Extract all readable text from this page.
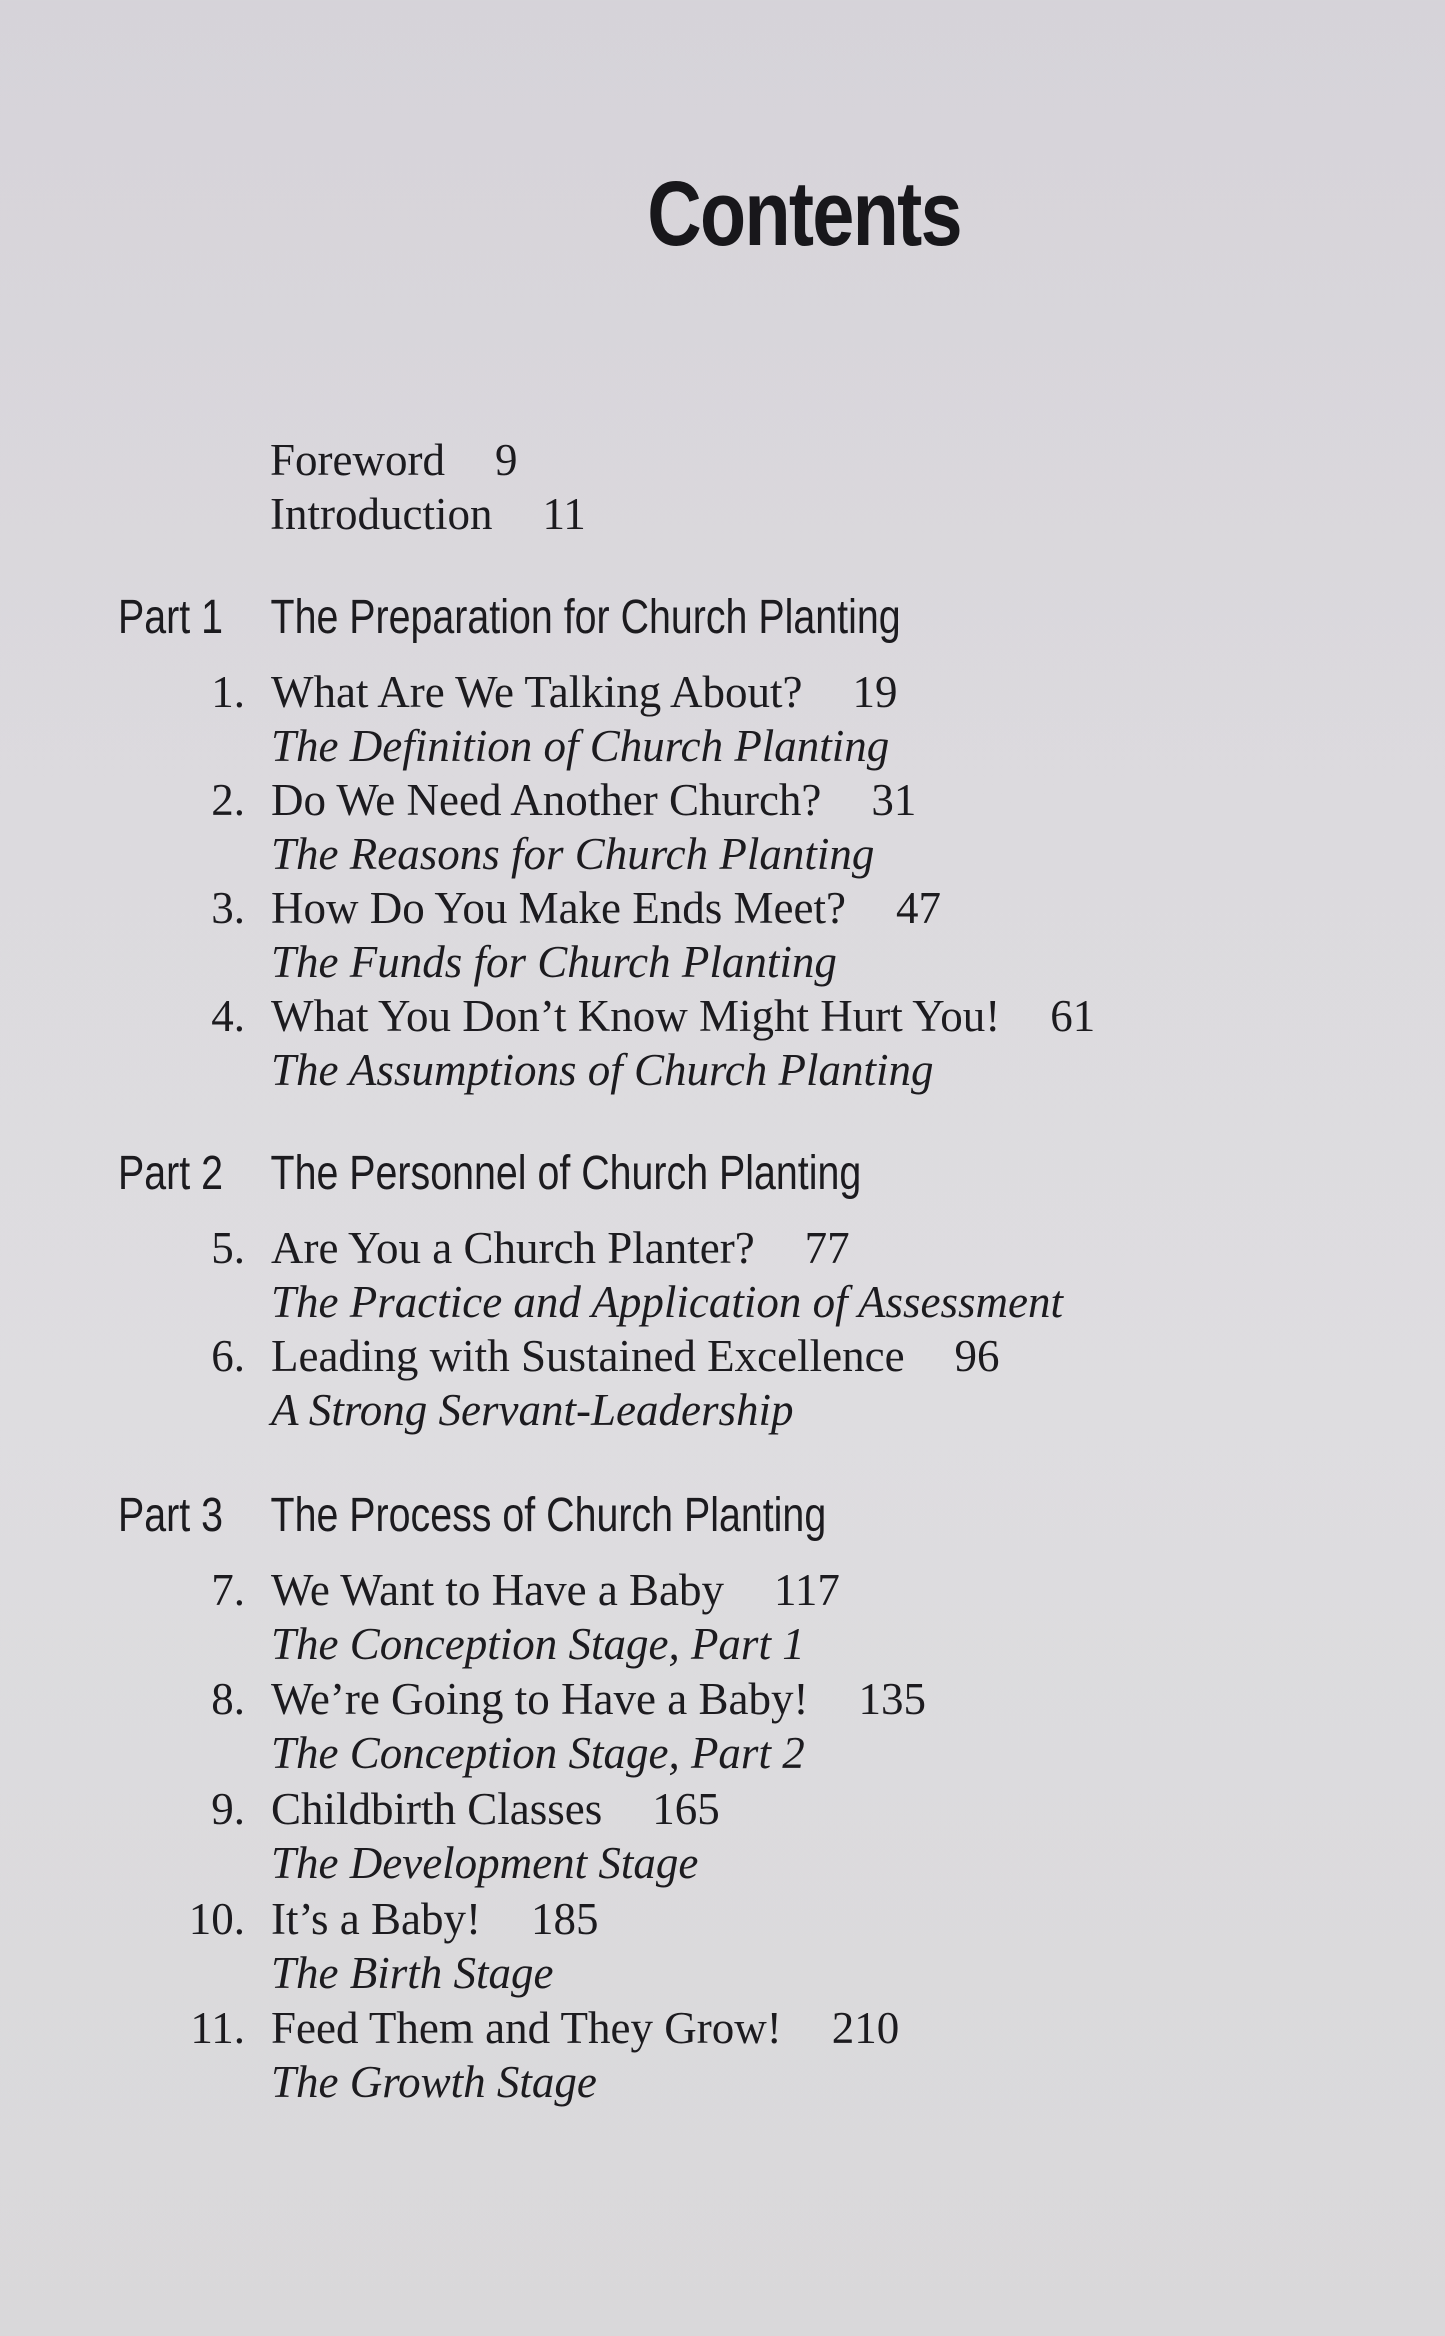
Contents
Foreword 9
Introduction 11
Part 1 The Preparation for Church Planting
1. What Are We Talking About? 19
The Definition of Church Planting
2. Do We Need Another Church? 31
The Reasons for Church Planting
3. How Do You Make Ends Meet? 47
The Funds for Church Planting
4. What You Don’t Know Might Hurt You! 61
The Assumptions of Church Planting
Part 2 The Personnel of Church Planting
5. Are You a Church Planter? 77
The Practice and Application of Assessment
6. Leading with Sustained Excellence 96
A Strong Servant-Leadership
Part 3 The Process of Church Planting
7. We Want to Have a Baby 117
The Conception Stage, Part 1
8. We’re Going to Have a Baby! 135
The Conception Stage, Part 2
9. Childbirth Classes 165
The Development Stage
10. It’s a Baby! 185
The Birth Stage
11. Feed Them and They Grow! 210
The Growth Stage
